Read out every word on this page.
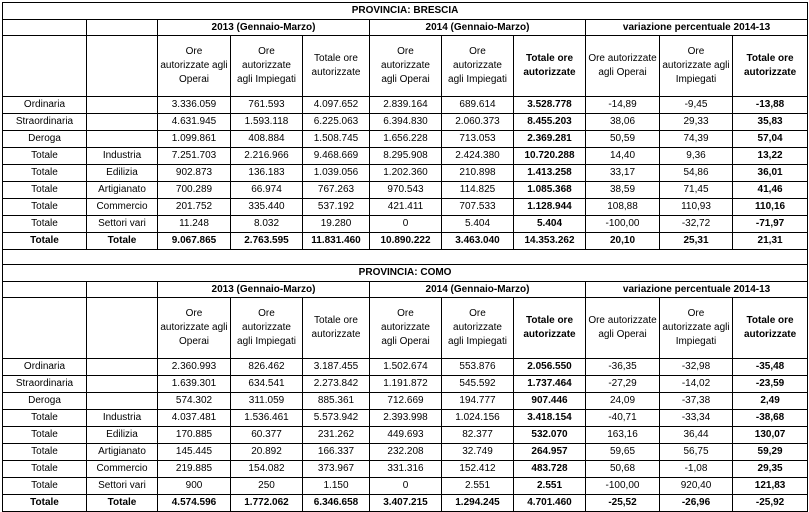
PROVINCIA: BRESCIA										
		2013 (Gennaio-Marzo)			2014 (Gennaio-Marzo)			variazione percentuale 2014-13		
		Ore autorizzate agli Operai	Ore autorizzate agli Impiegati	Totale ore autorizzate	Ore autorizzate agli Operai	Ore autorizzate agli Impiegati	Totale ore autorizzate	Ore autorizzate agli Operai	Ore autorizzate agli Impiegati	Totale ore autorizzate
Ordinaria		3.336.059	761.593	4.097.652	2.839.164	689.614	3.528.778	-14,89	-9,45	-13,88
Straordinaria		4.631.945	1.593.118	6.225.063	6.394.830	2.060.373	8.455.203	38,06	29,33	35,83
Deroga		1.099.861	408.884	1.508.745	1.656.228	713.053	2.369.281	50,59	74,39	57,04
Totale	Industria	7.251.703	2.216.966	9.468.669	8.295.908	2.424.380	10.720.288	14,40	9,36	13,22
Totale	Edilizia	902.873	136.183	1.039.056	1.202.360	210.898	1.413.258	33,17	54,86	36,01
Totale	Artigianato	700.289	66.974	767.263	970.543	114.825	1.085.368	38,59	71,45	41,46
Totale	Commercio	201.752	335.440	537.192	421.411	707.533	1.128.944	108,88	110,93	110,16
Totale	Settori vari	11.248	8.032	19.280	0	5.404	5.404	-100,00	-32,72	-71,97
Totale	Totale	9.067.865	2.763.595	11.831.460	10.890.222	3.463.040	14.353.262	20,10	25,31	21,31

PROVINCIA: COMO										
		2013 (Gennaio-Marzo)			2014 (Gennaio-Marzo)			variazione percentuale 2014-13		
		Ore autorizzate agli Operai	Ore autorizzate agli Impiegati	Totale ore autorizzate	Ore autorizzate agli Operai	Ore autorizzate agli Impiegati	Totale ore autorizzate	Ore autorizzate agli Operai	Ore autorizzate agli Impiegati	Totale ore autorizzate
Ordinaria		2.360.993	826.462	3.187.455	1.502.674	553.876	2.056.550	-36,35	-32,98	-35,48
Straordinaria		1.639.301	634.541	2.273.842	1.191.872	545.592	1.737.464	-27,29	-14,02	-23,59
Deroga		574.302	311.059	885.361	712.669	194.777	907.446	24,09	-37,38	2,49
Totale	Industria	4.037.481	1.536.461	5.573.942	2.393.998	1.024.156	3.418.154	-40,71	-33,34	-38,68
Totale	Edilizia	170.885	60.377	231.262	449.693	82.377	532.070	163,16	36,44	130,07
Totale	Artigianato	145.445	20.892	166.337	232.208	32.749	264.957	59,65	56,75	59,29
Totale	Commercio	219.885	154.082	373.967	331.316	152.412	483.728	50,68	-1,08	29,35
Totale	Settori vari	900	250	1.150	0	2.551	2.551	-100,00	920,40	121,83
Totale	Totale	4.574.596	1.772.062	6.346.658	3.407.215	1.294.245	4.701.460	-25,52	-26,96	-25,92
